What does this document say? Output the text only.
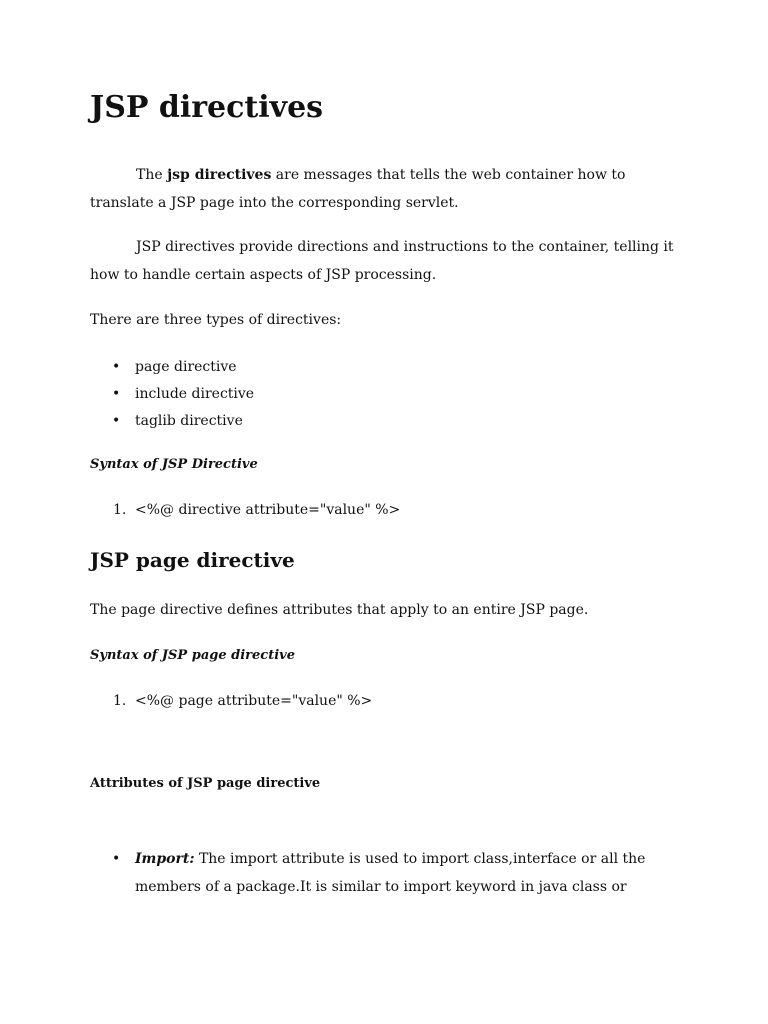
JSP directives

The jsp directives are messages that tells the web container how to translate a JSP page into the corresponding servlet.

JSP directives provide directions and instructions to the container, telling it how to handle certain aspects of JSP processing.

There are three types of directives:

• page directive
• include directive
• taglib directive

Syntax of JSP Directive

1. <%@ directive attribute="value" %>
JSP page directive

The page directive defines attributes that apply to an entire JSP page.

Syntax of JSP page directive

1. <%@ page attribute="value" %>

Attributes of JSP page directive

• Import: The import attribute is used to import class,interface or all the members of a package.It is similar to import keyword in java class or
